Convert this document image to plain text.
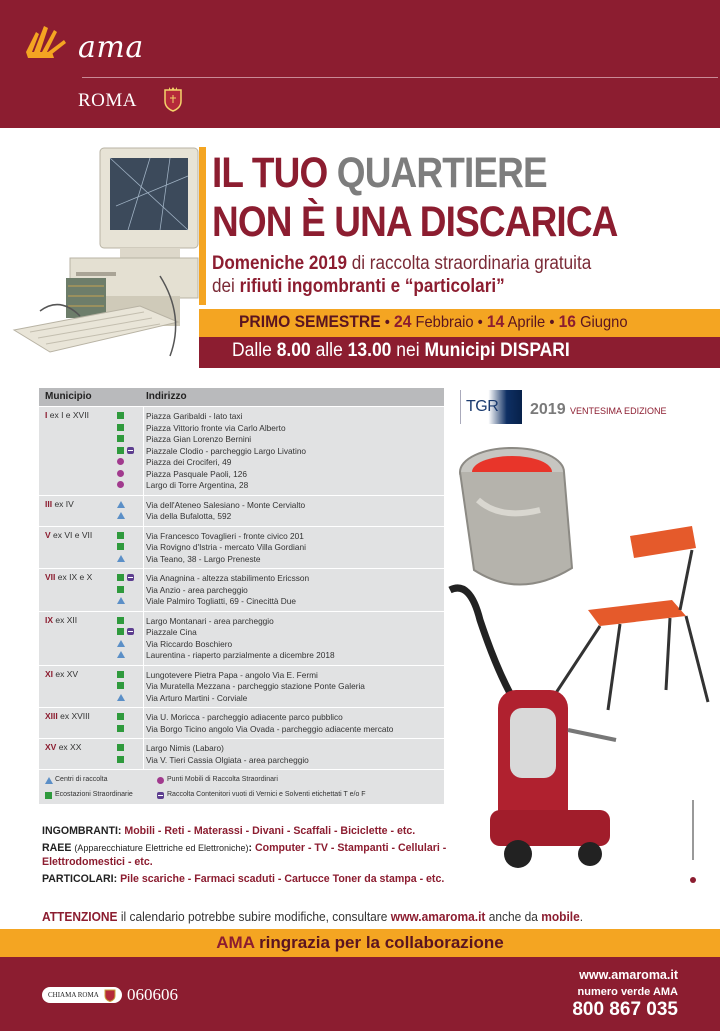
ama
ROMA
IL TUO QUARTIERE
NON È UNA DISCARICA
Domeniche 2019 di raccolta straordinaria gratuita
dei rifiuti ingombranti e “particolari”
PRIMO SEMESTRE • 24 Febbraio • 14 Aprile • 16 Giugno
Dalle 8.00 alle 13.00 nei Municipi DISPARI
Municipio	Indirizzo
I ex I e XVII	Piazza Garibaldi - lato taxi
Piazza Vittorio fronte via Carlo Alberto
Piazza Gian Lorenzo Bernini
Piazzale Clodio - parcheggio Largo Livatino
Piazza dei Crociferi, 49
Piazza Pasquale Paoli, 126
Largo di Torre Argentina, 28
III ex IV	Via dell'Ateneo Salesiano - Monte Cervialto
Via della Bufalotta, 592
V ex VI e VII	Via Francesco Tovaglieri - fronte civico 201
Via Rovigno d'Istria - mercato Villa Gordiani
Via Teano, 38 - Largo Preneste
VII ex IX e X	Via Anagnina - altezza stabilimento Ericsson
Via Anzio - area parcheggio
Viale Palmiro Togliatti, 69 - Cinecittà Due
IX ex XII	Largo Montanari - area parcheggio
Piazzale Cina
Via Riccardo Boschiero
Laurentina - riaperto parzialmente a dicembre 2018
XI ex XV	Lungotevere Pietra Papa - angolo Via E. Fermi
Via Muratella Mezzana - parcheggio stazione Ponte Galeria
Via Arturo Martini - Corviale
XIII ex XVIII	Via U. Moricca - parcheggio adiacente parco pubblico
Via Borgo Ticino angolo Via Ovada - parcheggio adiacente mercato
XV ex XX	Largo Nimis (Labaro)
Via V. Tieri Cassia Olgiata - area parcheggio
Centri di raccolta	Punti Mobili di Raccolta Straordinari
Ecostazioni Straordinarie	Raccolta Contenitori vuoti di Vernici e Solventi etichettati T e/o F
TGR 2019 VENTESIMA EDIZIONE

INGOMBRANTI: Mobili - Reti - Materassi - Divani - Scaffali - Biciclette - etc.

RAEE (Apparecchiature Elettriche ed Elettroniche): Computer - TV - Stampanti - Cellulari - Elettrodomestici - etc.

PARTICOLARI: Pile scariche - Farmaci scaduti - Cartucce Toner da stampa - etc.

ATTENZIONE il calendario potrebbe subire modifiche, consultare www.amaroma.it anche da mobile.
AMA ringrazia per la collaborazione
CHIAMA ROMA	060606
www.amaroma.it
numero verde AMA
800 867 035
